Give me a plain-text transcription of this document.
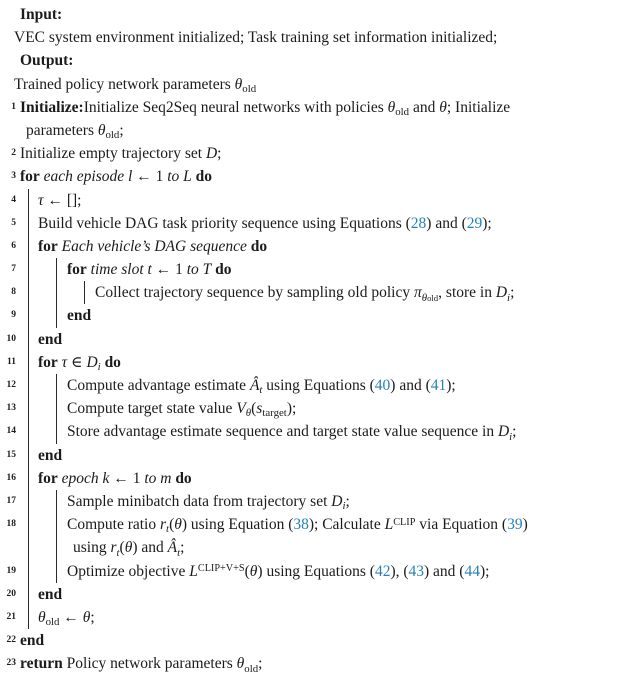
Input:
VEC system environment initialized; Task training set information initialized;
Output:
Trained policy network parameters $\theta_{old}$
1 Initialize:Initialize Seq2Seq neural networks with policies $\theta_{old}$ and θ; Initialize
parameters $\theta_{old}$;
2 Initialize empty trajectory set D;
3 for each episode l ← 1 to L do
4 τ ← [];
5 Build vehicle DAG task priority sequence using Equations (28) and (29);
6 for Each vehicle’s DAG sequence do
7	for time slot t ← 1 to T do
8	Collect trajectory sequence by sampling old policy $\pi_{\theta old}$, store in $D_i$;
9	end
10 end
11 for τ ∈ $D_i$ do
12	Compute advantage estimate $Â_t$ using Equations (40) and (41);
13	Compute target state value $V_\theta(s_{target})$;
14	Store advantage estimate sequence and target state value sequence in $D_i$;
15 end
16 for epoch k ← 1 to m do
17	Sample minibatch data from trajectory set $D_i$;
18	Compute ratio $r_t(\theta)$ using Equation (38); Calculate $L^{CLIP}$ via Equation (39)
using $r_t(\theta)$ and $Â_t$;
19	Optimize objective $L^{CLIP+V+S}(\theta)$ using Equations (42), (43) and (44);
20 end
21 $\theta_{old}$ ← θ;
22 end
23 return Policy network parameters $\theta_{old}$;
